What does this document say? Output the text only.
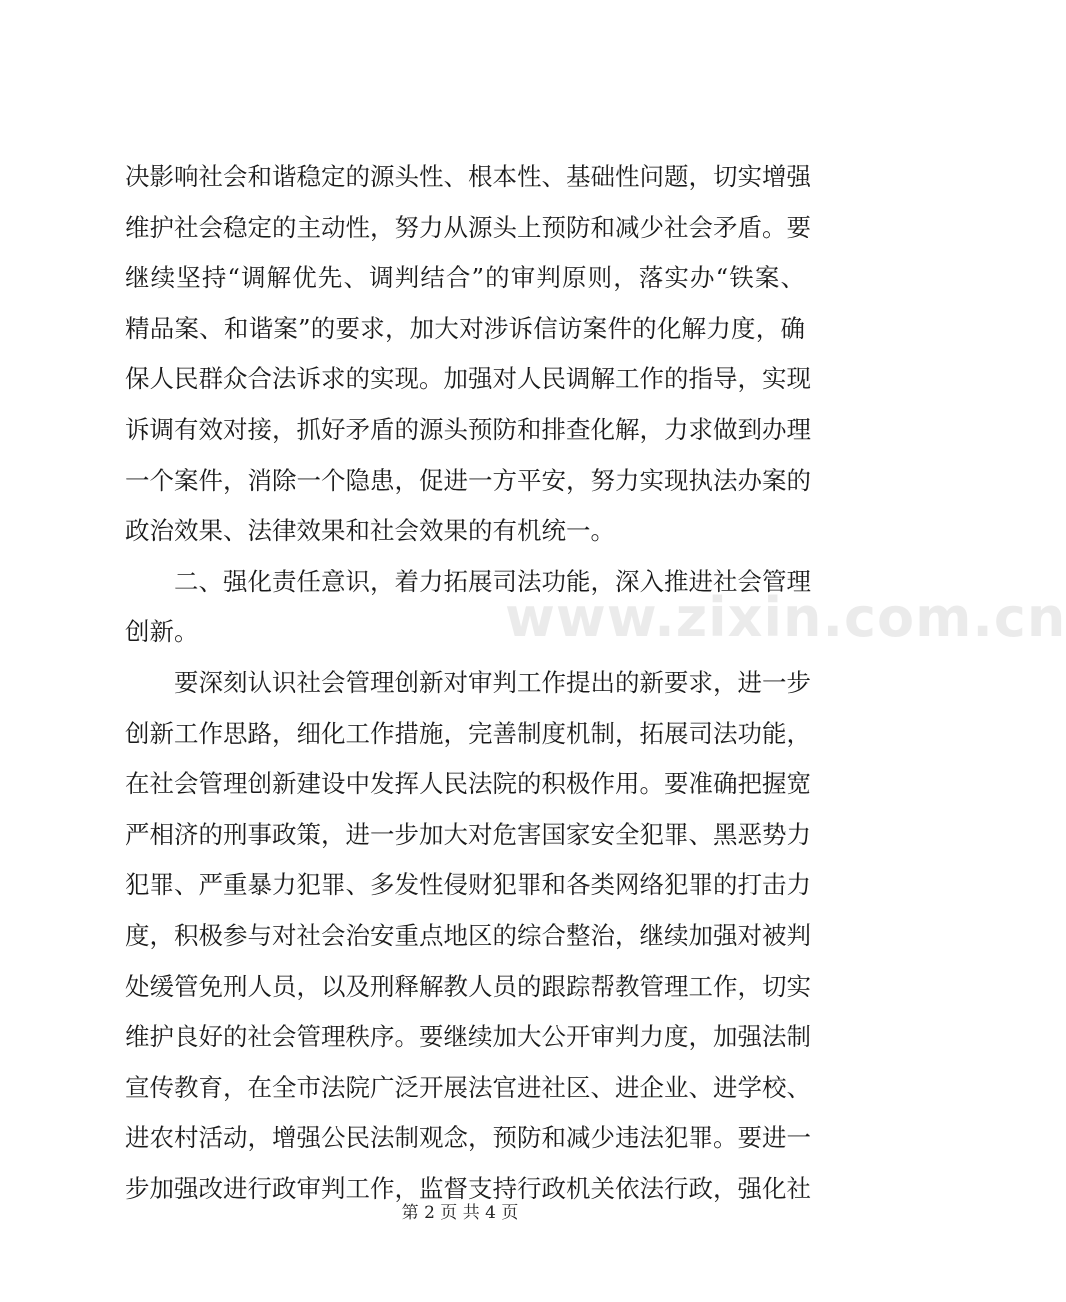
www.zixin.com.cn
决影响社会和谐稳定的源头性、根本性、基础性问题，切实增强
维护社会稳定的主动性，努力从源头上预防和减少社会矛盾。要
继续坚持“调解优先、调判结合”的审判原则，落实办“铁案、
精品案、和谐案”的要求，加大对涉诉信访案件的化解力度，确
保人民群众合法诉求的实现。加强对人民调解工作的指导，实现
诉调有效对接，抓好矛盾的源头预防和排查化解，力求做到办理
一个案件，消除一个隐患，促进一方平安，努力实现执法办案的
政治效果、法律效果和社会效果的有机统一。
二、强化责任意识，着力拓展司法功能，深入推进社会管理
创新。
要深刻认识社会管理创新对审判工作提出的新要求，进一步
创新工作思路，细化工作措施，完善制度机制，拓展司法功能，
在社会管理创新建设中发挥人民法院的积极作用。要准确把握宽
严相济的刑事政策，进一步加大对危害国家安全犯罪、黑恶势力
犯罪、严重暴力犯罪、多发性侵财犯罪和各类网络犯罪的打击力
度，积极参与对社会治安重点地区的综合整治，继续加强对被判
处缓管免刑人员，以及刑释解教人员的跟踪帮教管理工作，切实
维护良好的社会管理秩序。要继续加大公开审判力度，加强法制
宣传教育，在全市法院广泛开展法官进社区、进企业、进学校、
进农村活动，增强公民法制观念，预防和减少违法犯罪。要进一
步加强改进行政审判工作，监督支持行政机关依法行政，强化社
第 2 页 共 4 页
